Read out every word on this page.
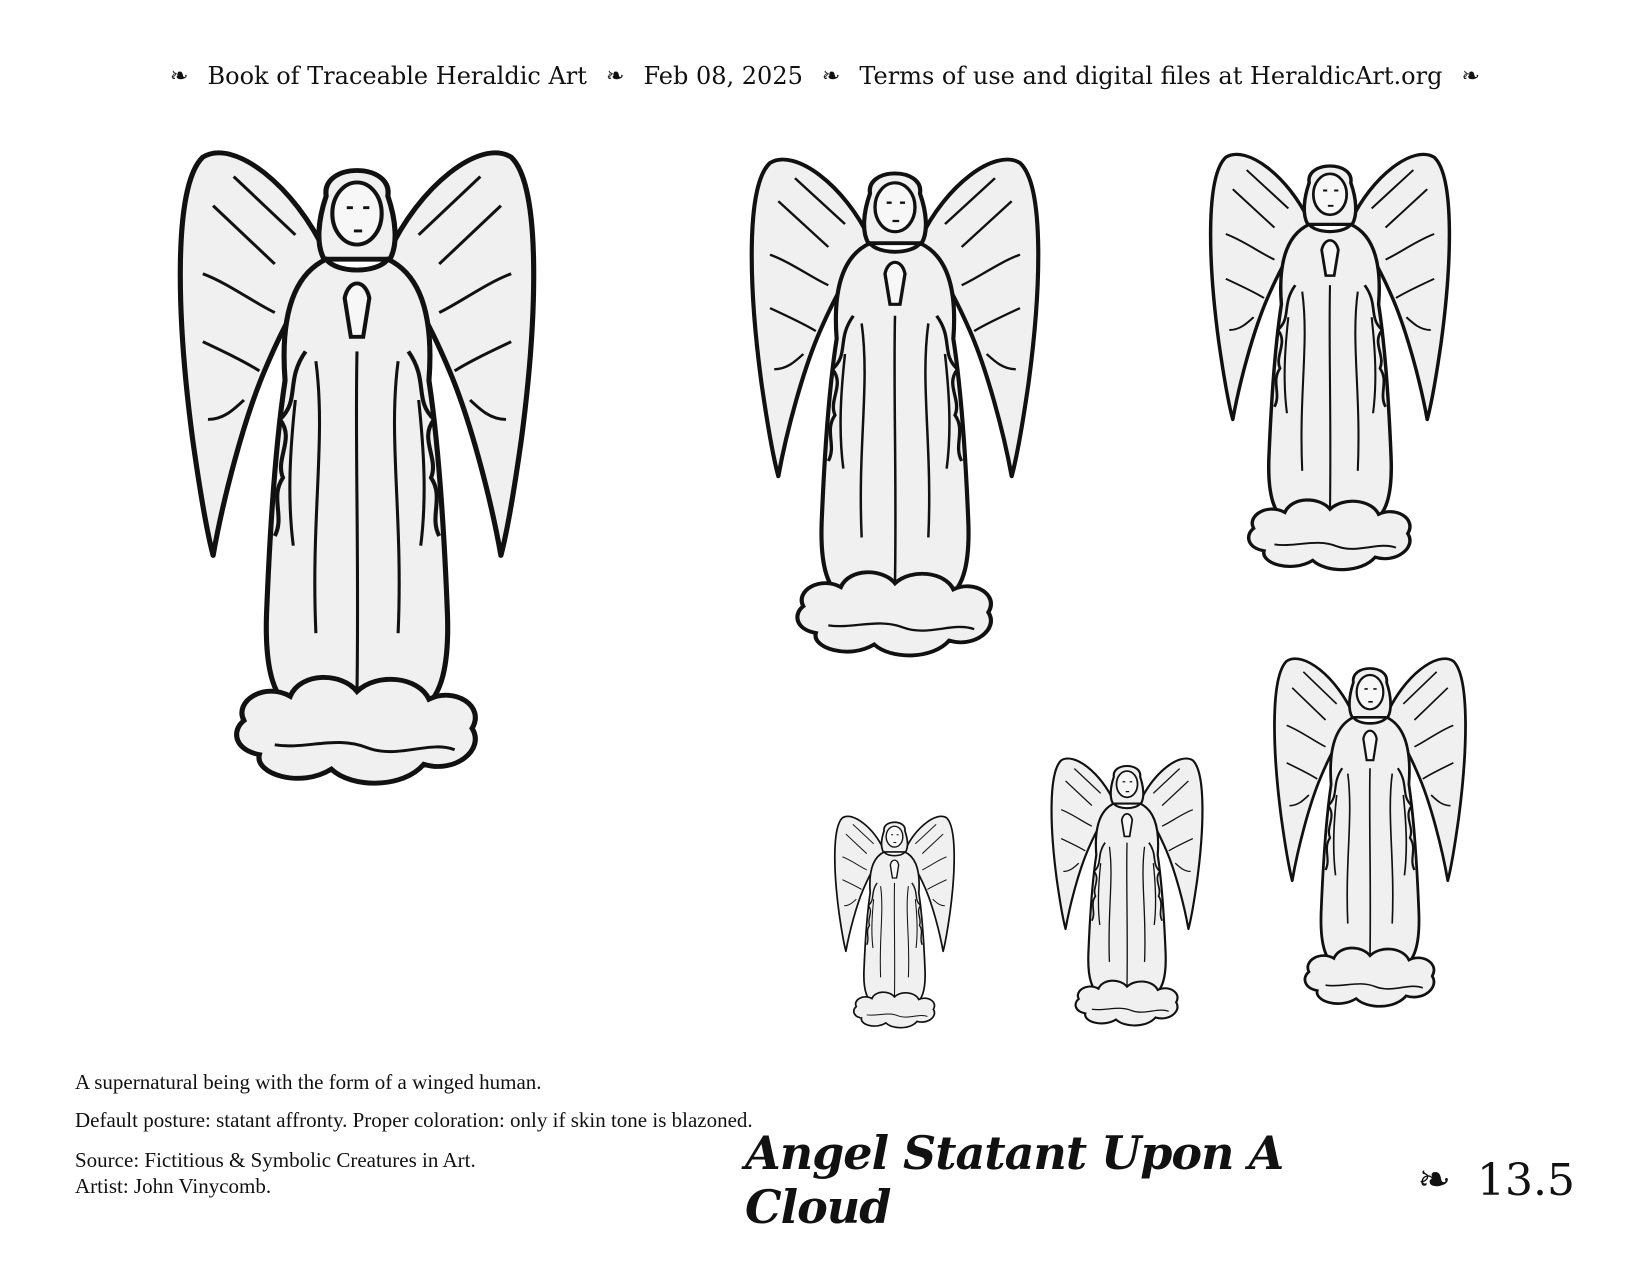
❧ Book of Traceable Heraldic Art ❧ Feb 08, 2025 ❧ Terms of use and digital files at HeraldicArt.org ❧
A supernatural being with the form of a winged human.
Default posture: statant affronty. Proper coloration: only if skin tone is blazoned.
Source: Fictitious & Symbolic Creatures in Art.
Artist: John Vinycomb.
Angel Statant Upon A Cloud	❧ 13.5
